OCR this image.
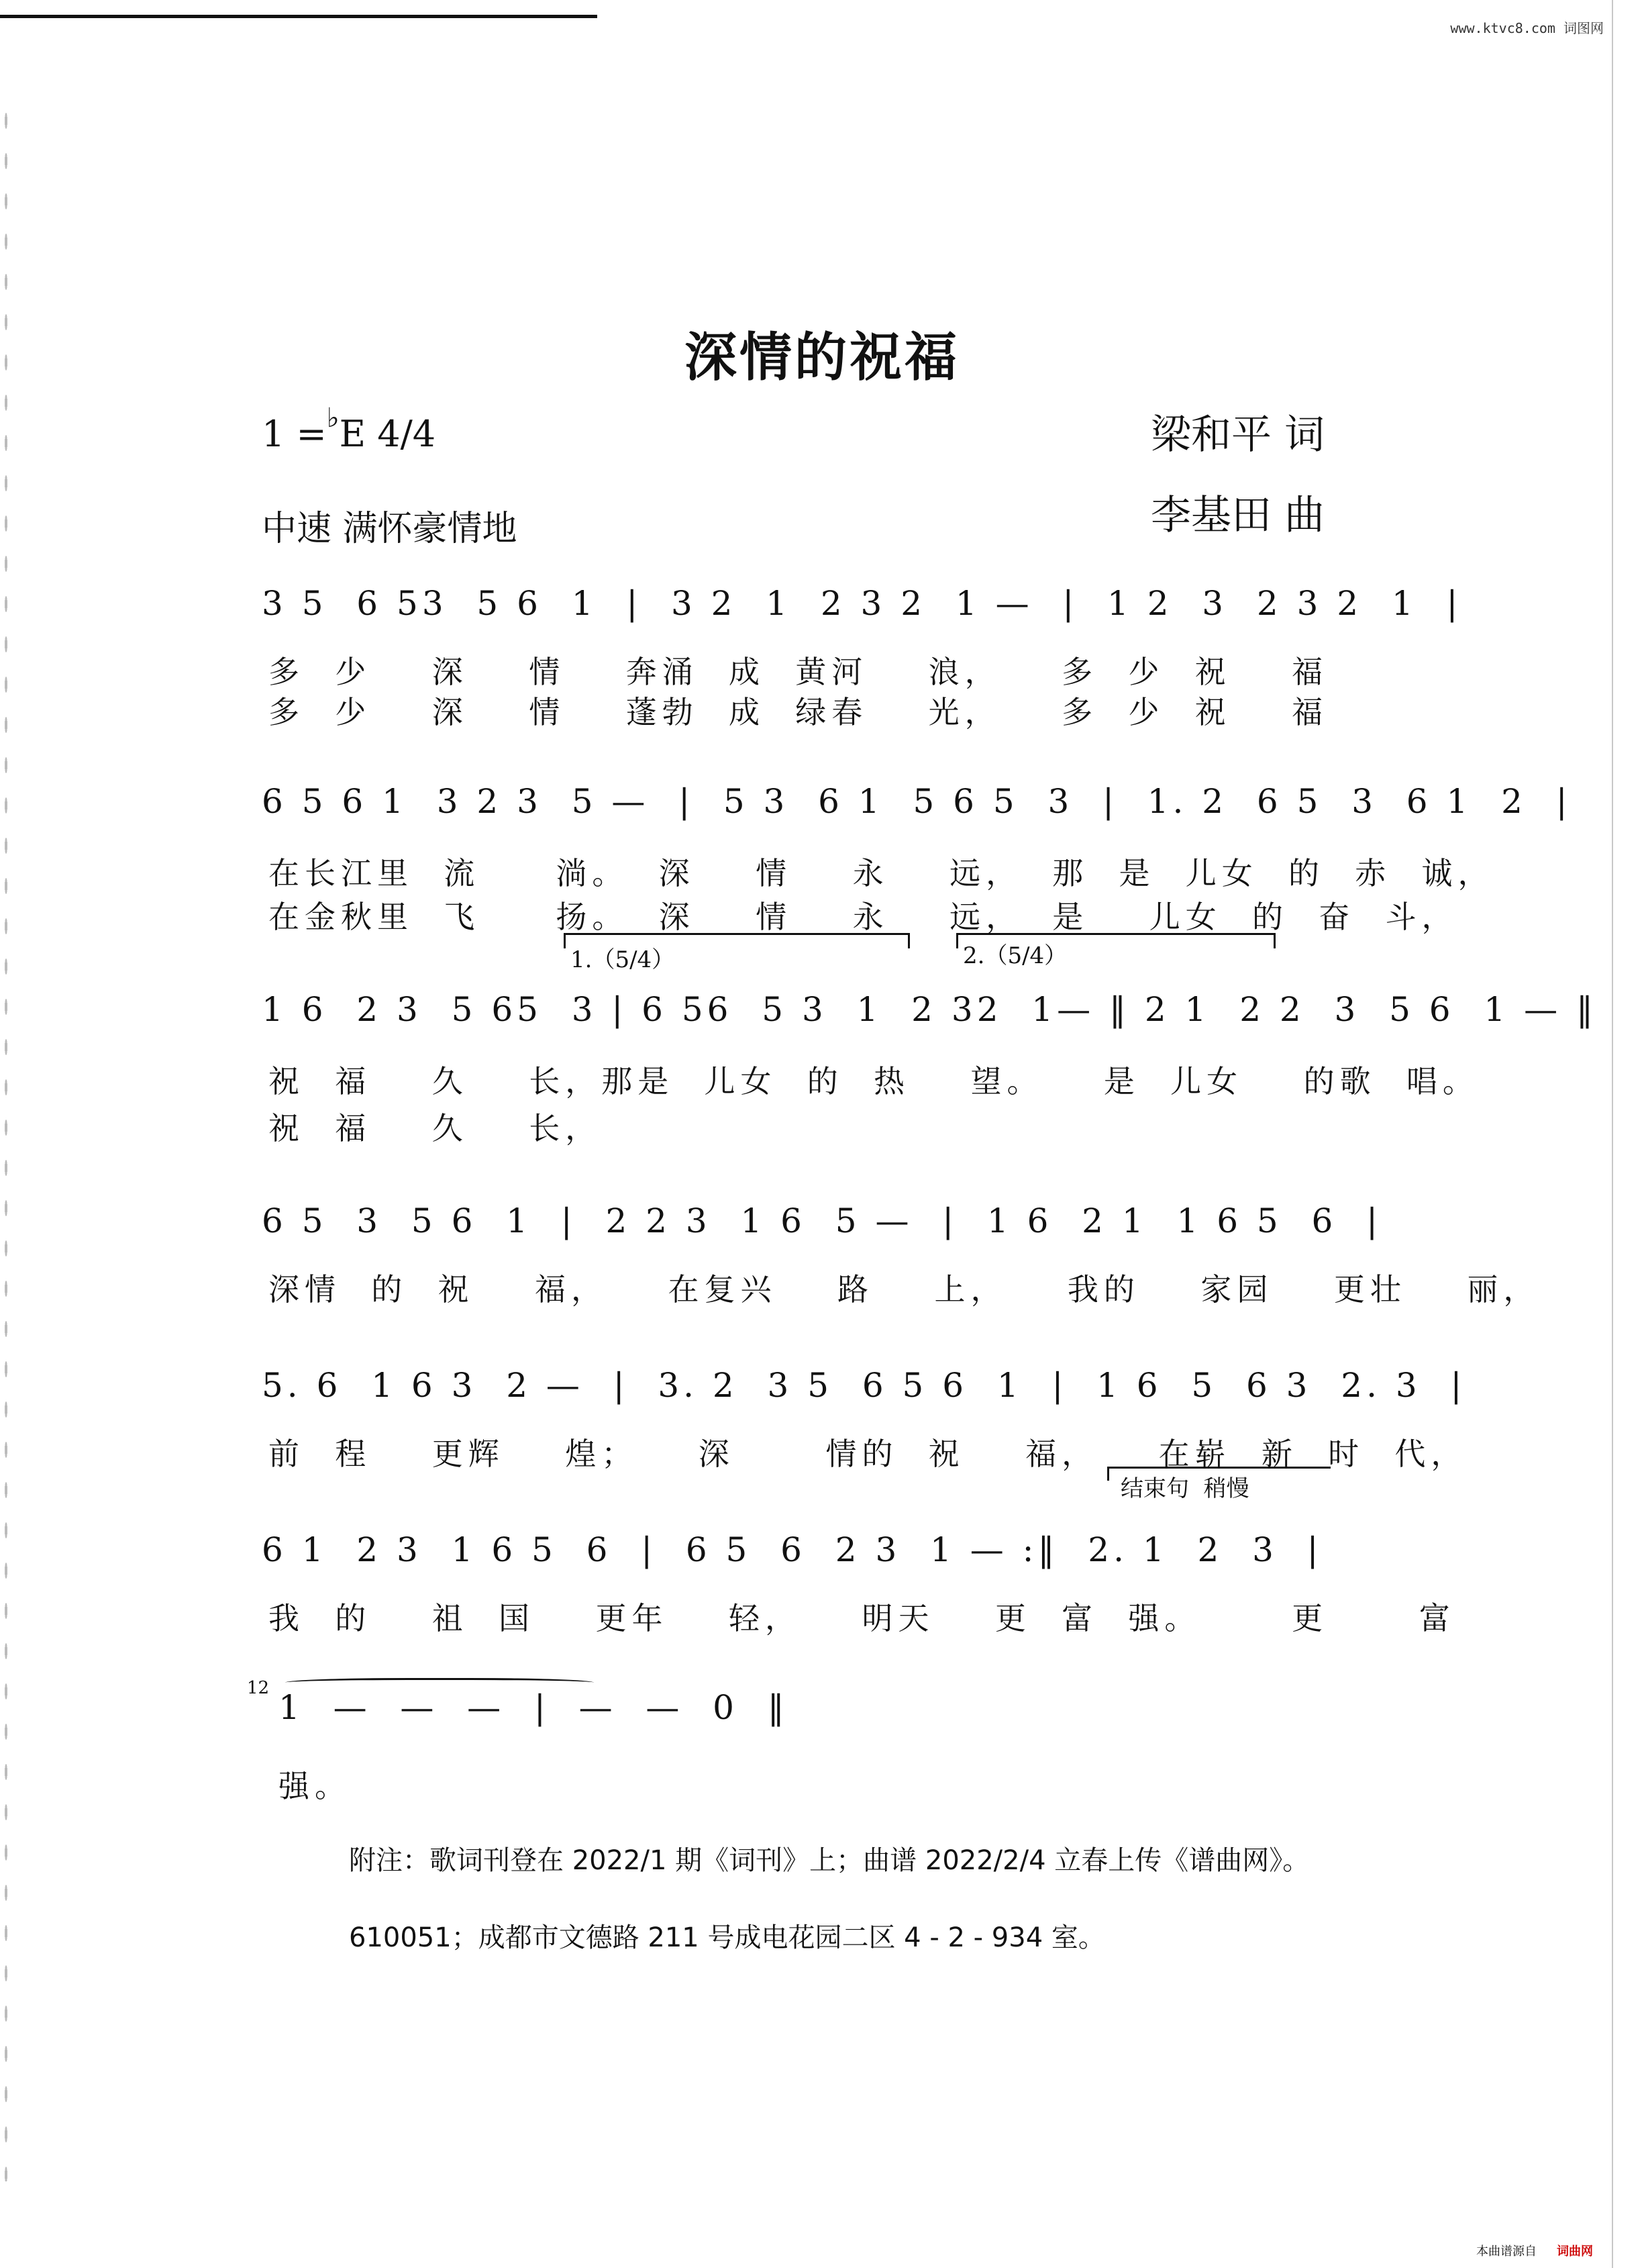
www.ktvc8.com 词图网
深情的祝福
1 =♭E 4/4
中速 满怀豪情地
梁和平 词
李基田 曲
3 5  6 53  5 6  1  |  3 2  1  2 3 2  1 —  |  1 2  3  2 3 2  1  |
多  少    深    情    奔涌  成  黄河    浪，    多  少  祝    福
多  少    深    情    蓬勃  成  绿春    光，    多  少  祝    福
6 5 6 1  3 2 3  5 —  |  5 3  6 1  5 6 5  3  |  1. 2  6 5  3  6 1  2  |
在长江里  流     淌。  深    情    永    远，  那  是  儿女  的  赤  诚，
在金秋里  飞     扬。  深    情    永    远，  是    儿女  的  奋  斗，
1.（5/4）	2.（5/4）
1 6  2 3  5 65  3 | 6 56  5 3  1  2 32  1— ‖ 2 1  2 2  3  5 6  1 — ‖
祝  福    久    长，那是  儿女  的  热    望。    是  儿女    的歌  唱。
祝  福    久    长，
6 5  3  5 6  1  |  2 2 3  1 6  5 —  |  1 6  2 1  1 6 5  6  |
深情  的  祝    福，    在复兴    路    上，    我的    家园    更壮    丽，
5. 6  1 6 3  2 —  |  3. 2  3 5  6 5 6  1  |  1 6  5  6 3  2. 3  |
前  程    更辉    煌；    深      情的  祝    福，    在崭  新  时  代，
结束句  稍慢
6 1  2 3  1 6 5  6  |  6 5  6  2 3  1 — :‖  2. 1  2  3  |
我  的    祖  国    更年    轻，    明天    更  富  强。      更      富
12 1  —  —  —  |  —  —  0  ‖
强。
附注：歌词刊登在 2022/1 期《词刊》上；曲谱 2022/2/4 立春上传《谱曲网》。
610051；成都市文德路 211 号成电花园二区 4 - 2 - 934 室。
本曲谱源自 词曲网
